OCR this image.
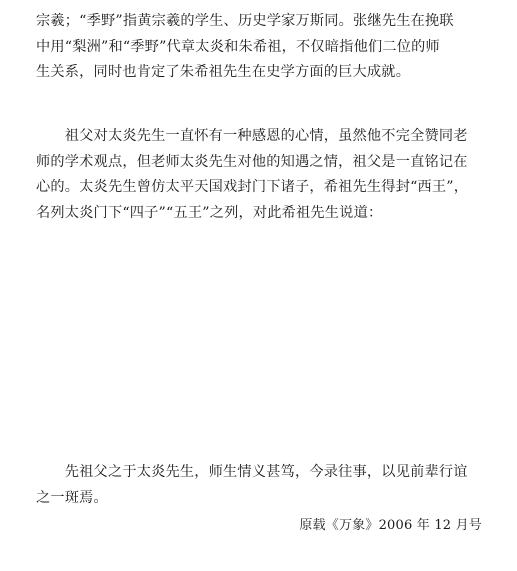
宗羲；“季野”指黄宗羲的学生、历史学家万斯同。张继先生在挽联
中用“梨洲”和“季野”代章太炎和朱希祖，不仅暗指他们二位的师
生关系，同时也肯定了朱希祖先生在史学方面的巨大成就。
　　祖父对太炎先生一直怀有一种感恩的心情，虽然他不完全赞同老
师的学术观点，但老师太炎先生对他的知遇之情，祖父是一直铭记在
心的。太炎先生曾仿太平天国戏封门下诸子，希祖先生得封“西王”，
名列太炎门下“四子”“五王”之列，对此希祖先生说道：
　　先祖父之于太炎先生，师生情义甚笃，今录往事，以见前辈行谊
之一斑焉。
原载《万象》2006 年 12 月号
